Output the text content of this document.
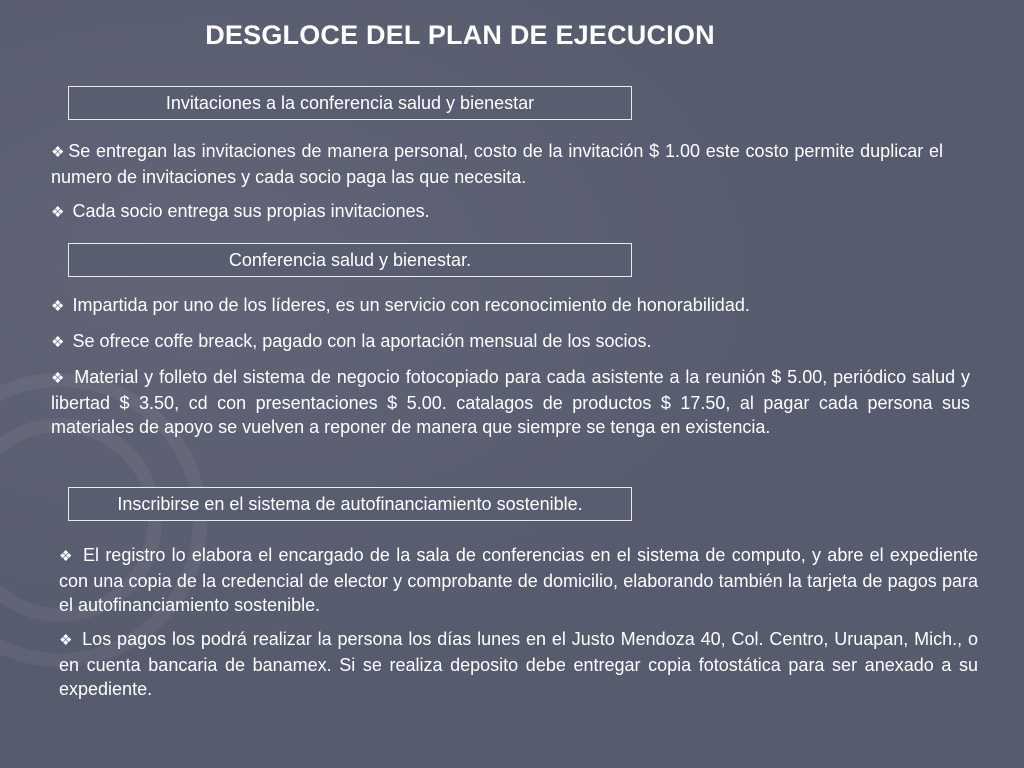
DESGLOCE DEL PLAN DE EJECUCION
Invitaciones a la conferencia salud y bienestar
❖ Se entregan las invitaciones de manera personal, costo de la invitación $ 1.00 este costo permite duplicar el numero de invitaciones y cada socio paga las que necesita.
❖ Cada socio entrega sus propias invitaciones.
Conferencia salud y bienestar.
❖ Impartida por uno de los líderes, es un servicio con reconocimiento de honorabilidad.
❖ Se ofrece coffe breack, pagado con la aportación mensual de los socios.
❖ Material y folleto del sistema de negocio fotocopiado para cada asistente a la reunión $ 5.00, periódico salud y libertad $ 3.50, cd con presentaciones $ 5.00. catalagos de productos $ 17.50, al pagar cada persona sus materiales de apoyo se vuelven a reponer de manera que siempre se tenga en existencia.
Inscribirse en el sistema de autofinanciamiento sostenible.
❖ El registro lo elabora el encargado de la sala de conferencias en el sistema de computo, y abre el expediente con una copia de la credencial de elector y comprobante de domicilio, elaborando también la tarjeta de pagos para el autofinanciamiento sostenible.
❖ Los pagos los podrá realizar la persona los días lunes en el Justo Mendoza 40, Col. Centro, Uruapan, Mich., o en cuenta bancaria de banamex. Si se realiza deposito debe entregar copia fotostática para ser anexado a su expediente.
